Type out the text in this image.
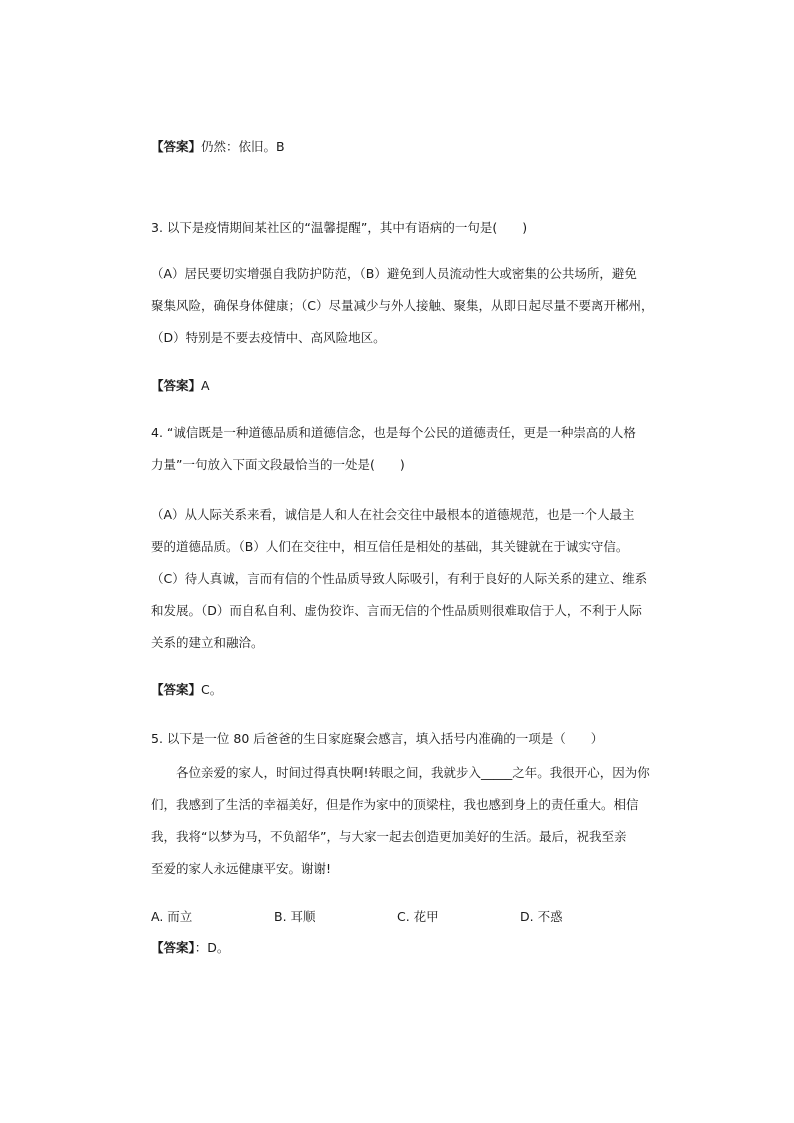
【答案】仍然：依旧。B
3. 以下是疫情期间某社区的“温馨提醒”，其中有语病的一句是(　　)
（A）居民要切实增强自我防护防范，（B）避免到人员流动性大或密集的公共场所，避免
聚集风险，确保身体健康；（C）尽量减少与外人接触、聚集，从即日起尽量不要离开郴州，
（D）特别是不要去疫情中、高风险地区。
【答案】A
4. “诚信既是一种道德品质和道德信念，也是每个公民的道德责任，更是一种崇高的人格
力量”一句放入下面文段最恰当的一处是(　　)
（A）从人际关系来看，诚信是人和人在社会交往中最根本的道德规范，也是一个人最主
要的道德品质。（B）人们在交往中，相互信任是相处的基础，其关键就在于诚实守信。
（C）待人真诚，言而有信的个性品质导致人际吸引，有利于良好的人际关系的建立、维系
和发展。（D）而自私自利、虚伪狡诈、言而无信的个性品质则很难取信于人，不利于人际
关系的建立和融洽。
【答案】C。
5. 以下是一位 80 后爸爸的生日家庭聚会感言，填入括号内准确的一项是（　　）
　　各位亲爱的家人，时间过得真快啊!转眼之间，我就步入_____之年。我很开心，因为你
们，我感到了生活的幸福美好，但是作为家中的顶梁柱，我也感到身上的责任重大。相信
我，我将“以梦为马，不负韶华”，与大家一起去创造更加美好的生活。最后，祝我至亲
至爱的家人永远健康平安。谢谢!
A. 而立	B. 耳顺	C. 花甲	D. 不惑
【答案】：D。
